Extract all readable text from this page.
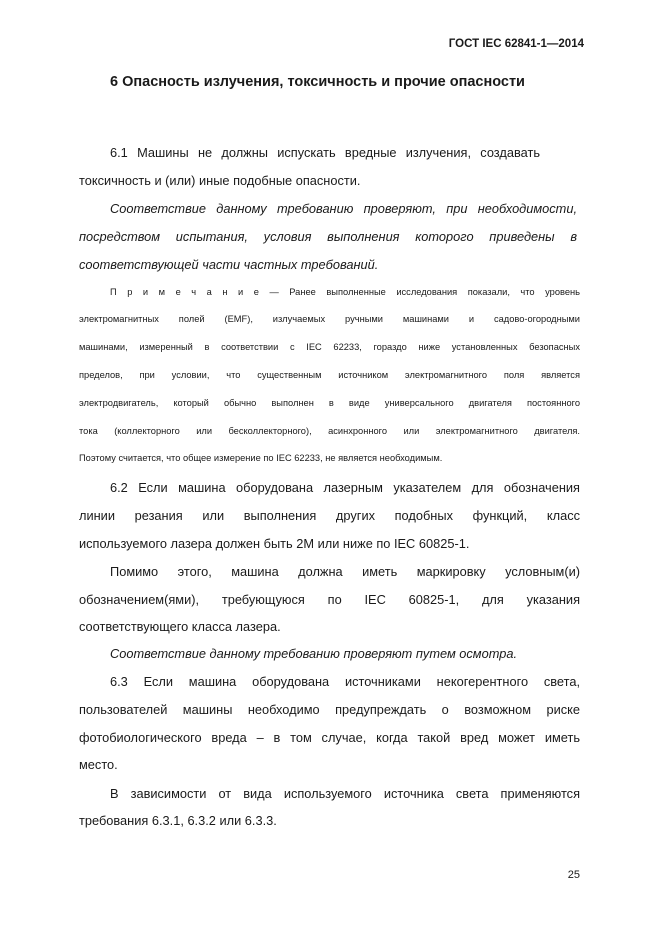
ГОСТ IEC 62841-1—2014
6 Опасность излучения, токсичность и прочие опасности
6.1 Машины не должны испускать вредные излучения, создавать
токсичность и (или) иные подобные опасности.
Соответствие данному требованию проверяют, при необходимости,
посредством испытания, условия выполнения которого приведены в
соответствующей части частных требований.
П р и м е ч а н и е — Ранее выполненные исследования показали, что уровень
электромагнитных полей (EMF), излучаемых ручными машинами и садово-огородными
машинами, измеренный в соответствии с IEC 62233, гораздо ниже установленных безопасных
пределов, при условии, что существенным источником электромагнитного поля является
электродвигатель, который обычно выполнен в виде универсального двигателя постоянного
тока (коллекторного или бесколлекторного), асинхронного или электромагнитного двигателя.
Поэтому считается, что общее измерение по IEC 62233, не является необходимым.
6.2 Если машина оборудована лазерным указателем для обозначения
линии резания или выполнения других подобных функций, класс
используемого лазера должен быть 2М или ниже по IEC 60825-1.
Помимо этого, машина должна иметь маркировку условным(и)
обозначением(ями), требующуюся по IEC 60825-1, для указания
соответствующего класса лазера.
Соответствие данному требованию проверяют путем осмотра.
6.3 Если машина оборудована источниками некогерентного света,
пользователей машины необходимо предупреждать о возможном риске
фотобиологического вреда – в том случае, когда такой вред может иметь
место.
В зависимости от вида используемого источника света применяются
требования 6.3.1, 6.3.2 или 6.3.3.
25
